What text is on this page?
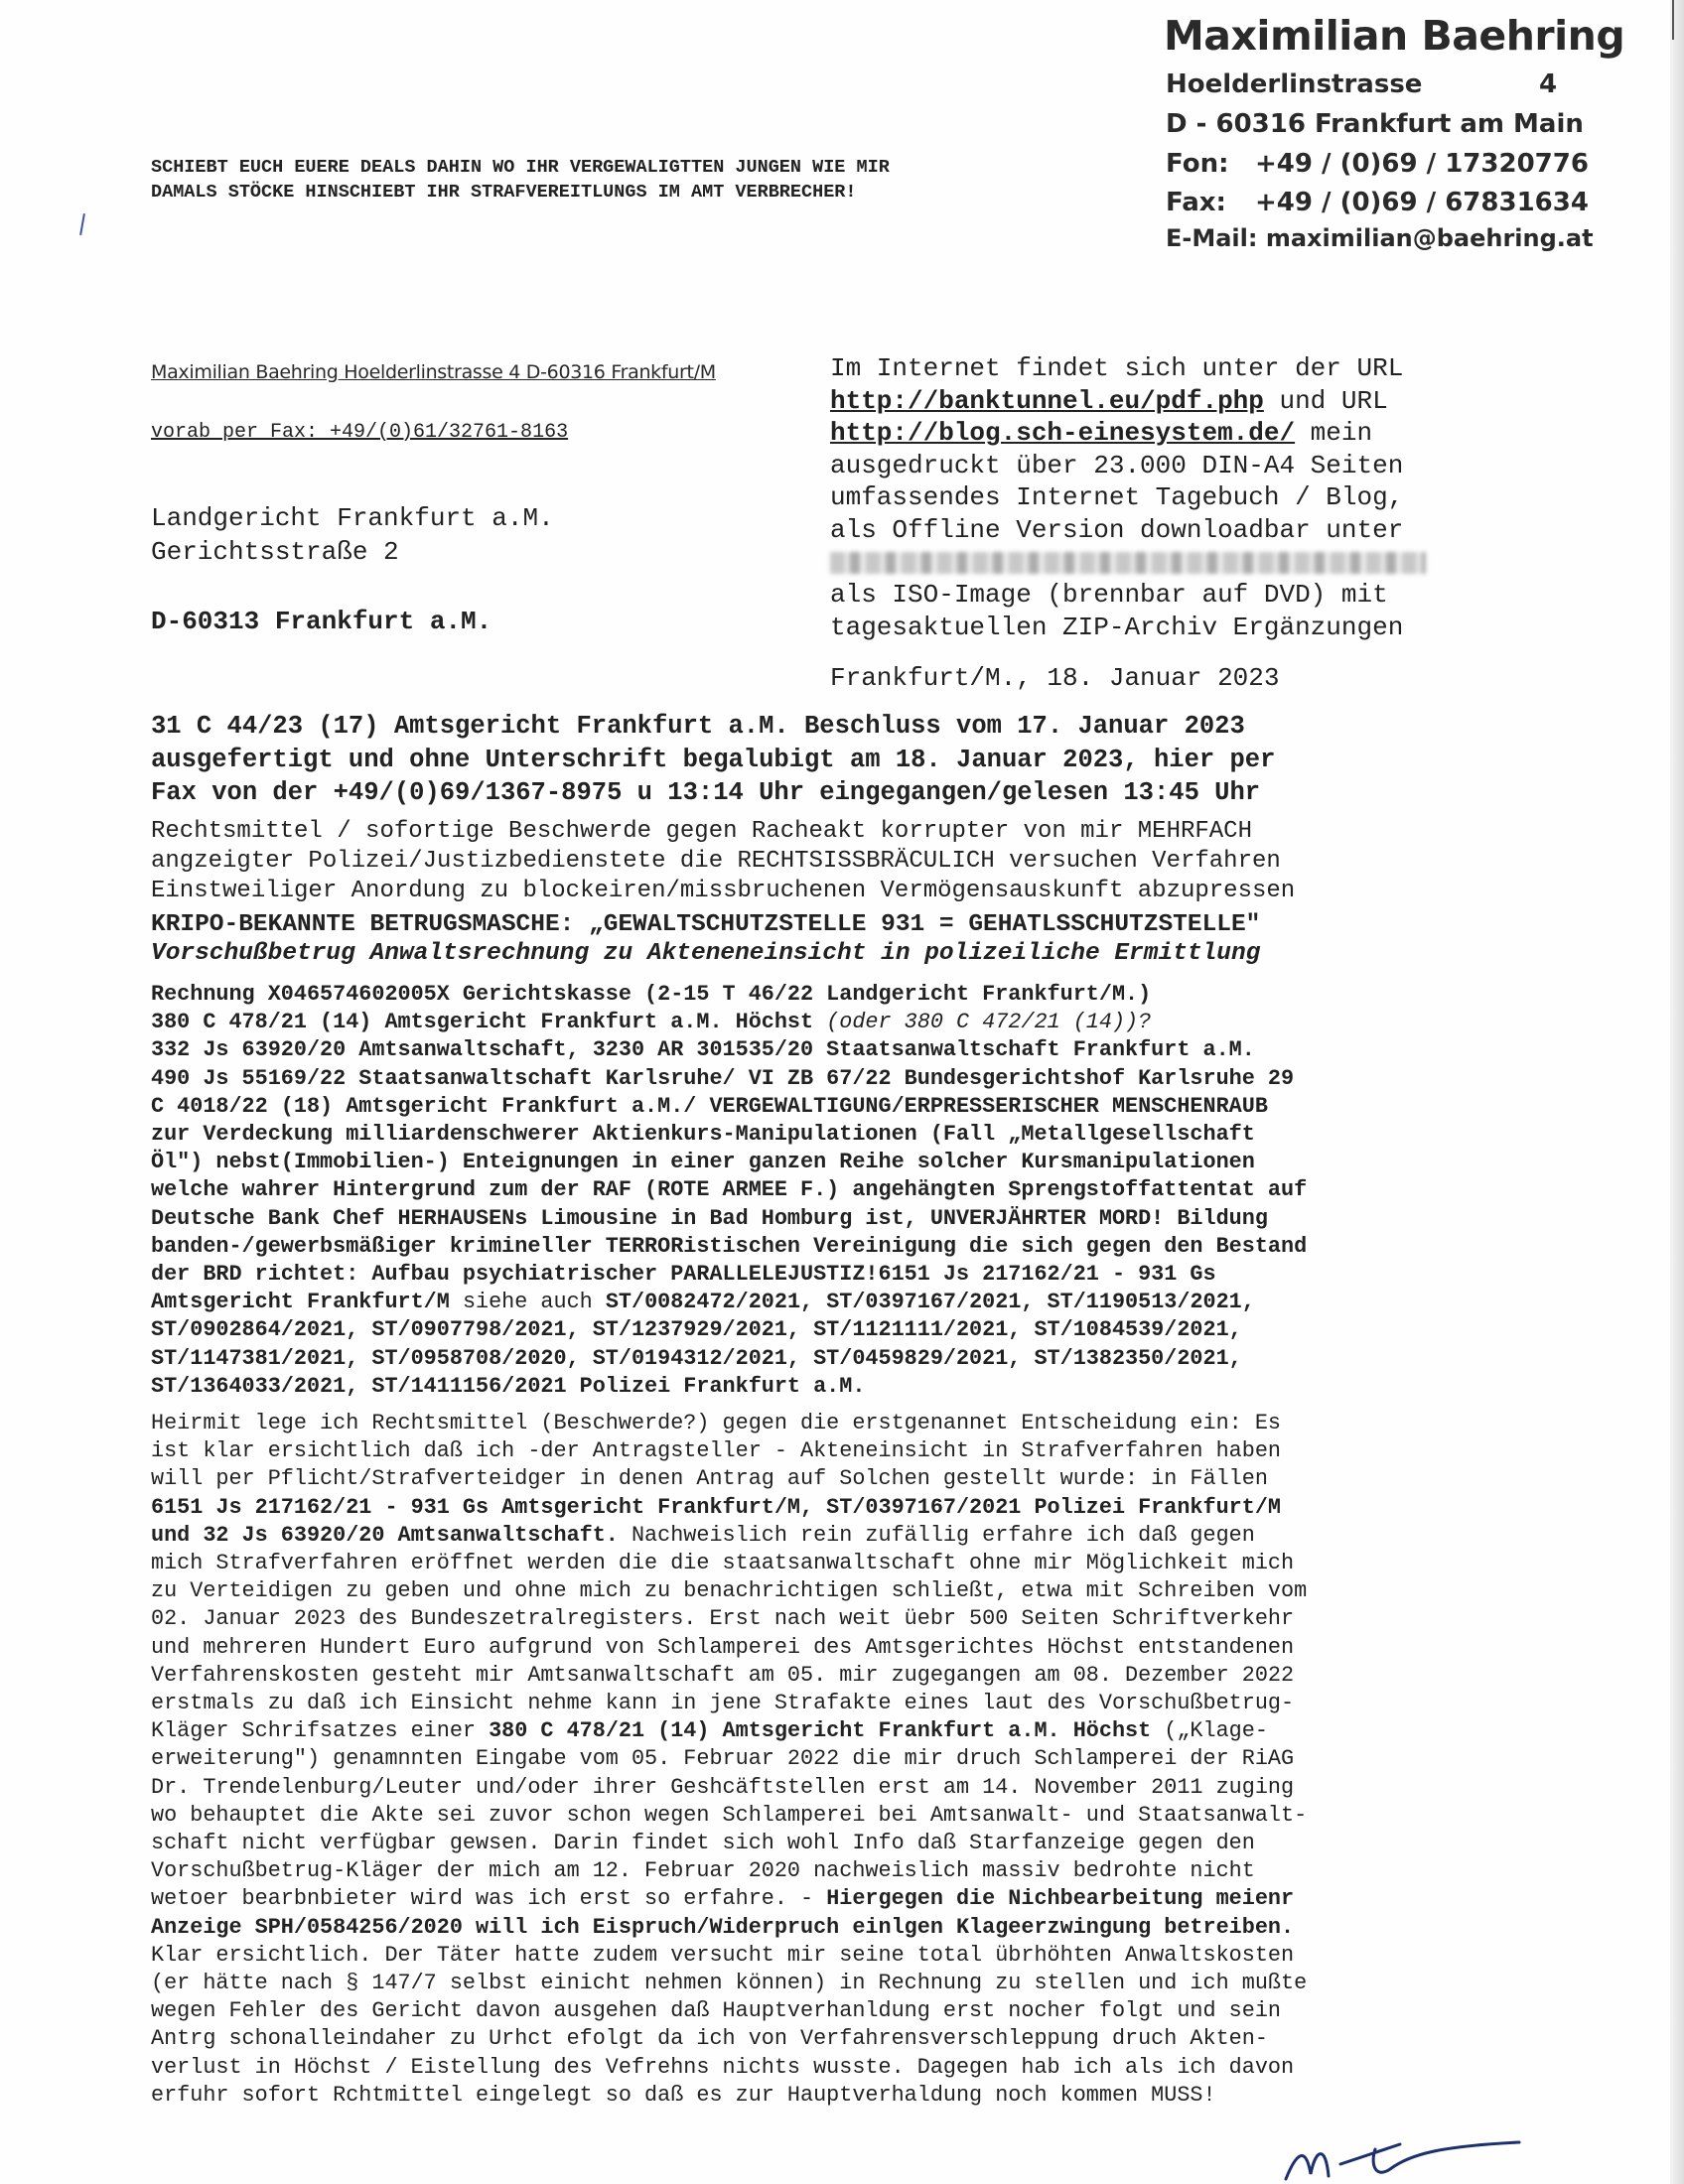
Maximilian Baehring
Hoelderlinstrasse	4
D - 60316 Frankfurt am Main
Fon: +49 / (0)69 / 17320776
Fax: +49 / (0)69 / 67831634
E-Mail: maximilian@baehring.at
SCHIEBT EUCH EUERE DEALS DAHIN WO IHR VERGEWALIGTTEN JUNGEN WIE MIR
DAMALS STÖCKE HINSCHIEBT IHR STRAFVEREITLUNGS IM AMT VERBRECHER!
Maximilian Baehring Hoelderlinstrasse 4 D-60316 Frankfurt/M
vorab per Fax: +49/(0)61/32761-8163
Landgericht Frankfurt a.M.
Gerichtsstraße 2
D-60313 Frankfurt a.M.
Im Internet findet sich unter der URL
http://banktunnel.eu/pdf.php und URL
http://blog.sch-einesystem.de/ mein
ausgedruckt über 23.000 DIN-A4 Seiten
umfassendes Internet Tagebuch / Blog,
als Offline Version downloadbar unter
als ISO-Image (brennbar auf DVD) mit
tagesaktuellen ZIP-Archiv Ergänzungen
Frankfurt/M., 18. Januar 2023
31 C 44/23 (17) Amtsgericht Frankfurt a.M. Beschluss vom 17. Januar 2023
ausgefertigt und ohne Unterschrift begalubigt am 18. Januar 2023, hier per
Fax von der +49/(0)69/1367-8975 u 13:14 Uhr eingegangen/gelesen 13:45 Uhr
Rechtsmittel / sofortige Beschwerde gegen Racheakt korrupter von mir MEHRFACH
angzeigter Polizei/Justizbedienstete die RECHTSISSBRÄCULICH versuchen Verfahren
Einstweiliger Anordung zu blockeiren/missbruchenen Vermögensauskunft abzupressen
KRIPO-BEKANNTE BETRUGSMASCHE: „GEWALTSCHUTZSTELLE 931 = GEHATLSSCHUTZSTELLE"
Vorschußbetrug Anwaltsrechnung zu Akteneneinsicht in polizeiliche Ermittlung
Rechnung X046574602005X Gerichtskasse (2-15 T 46/22 Landgericht Frankfurt/M.)
380 C 478/21 (14) Amtsgericht Frankfurt a.M. Höchst (oder 380 C 472/21 (14))?
332 Js 63920/20 Amtsanwaltschaft, 3230 AR 301535/20 Staatsanwaltschaft Frankfurt a.M.
490 Js 55169/22 Staatsanwaltschaft Karlsruhe/ VI ZB 67/22 Bundesgerichtshof Karlsruhe 29
C 4018/22 (18) Amtsgericht Frankfurt a.M./ VERGEWALTIGUNG/ERPRESSERISCHER MENSCHENRAUB
zur Verdeckung milliardenschwerer Aktienkurs-Manipulationen (Fall „Metallgesellschaft
Öl") nebst(Immobilien-) Enteignungen in einer ganzen Reihe solcher Kursmanipulationen
welche wahrer Hintergrund zum der RAF (ROTE ARMEE F.) angehängten Sprengstoffattentat auf
Deutsche Bank Chef HERHAUSENs Limousine in Bad Homburg ist, UNVERJÄHRTER MORD! Bildung
banden-/gewerbsmäßiger krimineller TERRORistischen Vereinigung die sich gegen den Bestand
der BRD richtet: Aufbau psychiatrischer PARALLELEJUSTIZ!6151 Js 217162/21 - 931 Gs
Amtsgericht Frankfurt/M siehe auch ST/0082472/2021, ST/0397167/2021, ST/1190513/2021,
ST/0902864/2021, ST/0907798/2021, ST/1237929/2021, ST/1121111/2021, ST/1084539/2021,
ST/1147381/2021, ST/0958708/2020, ST/0194312/2021, ST/0459829/2021, ST/1382350/2021,
ST/1364033/2021, ST/1411156/2021 Polizei Frankfurt a.M.
Heirmit lege ich Rechtsmittel (Beschwerde?) gegen die erstgenannet Entscheidung ein: Es
ist klar ersichtlich daß ich -der Antragsteller - Akteneinsicht in Strafverfahren haben
will per Pflicht/Strafverteidger in denen Antrag auf Solchen gestellt wurde: in Fällen
6151 Js 217162/21 - 931 Gs Amtsgericht Frankfurt/M, ST/0397167/2021 Polizei Frankfurt/M
und 32 Js 63920/20 Amtsanwaltschaft. Nachweislich rein zufällig erfahre ich daß gegen
mich Strafverfahren eröffnet werden die die staatsanwaltschaft ohne mir Möglichkeit mich
zu Verteidigen zu geben und ohne mich zu benachrichtigen schließt, etwa mit Schreiben vom
02. Januar 2023 des Bundeszetralregisters. Erst nach weit üebr 500 Seiten Schriftverkehr
und mehreren Hundert Euro aufgrund von Schlamperei des Amtsgerichtes Höchst entstandenen
Verfahrenskosten gesteht mir Amtsanwaltschaft am 05. mir zugegangen am 08. Dezember 2022
erstmals zu daß ich Einsicht nehme kann in jene Strafakte eines laut des Vorschußbetrug-
Kläger Schrifsatzes einer 380 C 478/21 (14) Amtsgericht Frankfurt a.M. Höchst („Klage-
erweiterung") genamnnten Eingabe vom 05. Februar 2022 die mir druch Schlamperei der RiAG
Dr. Trendelenburg/Leuter und/oder ihrer Geshcäftstellen erst am 14. November 2011 zuging
wo behauptet die Akte sei zuvor schon wegen Schlamperei bei Amtsanwalt- und Staatsanwalt-
schaft nicht verfügbar gewsen. Darin findet sich wohl Info daß Starfanzeige gegen den
Vorschußbetrug-Kläger der mich am 12. Februar 2020 nachweislich massiv bedrohte nicht
wetoer bearbnbieter wird was ich erst so erfahre. - Hiergegen die Nichbearbeitung meienr
Anzeige SPH/0584256/2020 will ich Eispruch/Widerpruch einlgen Klageerzwingung betreiben.
Klar ersichtlich. Der Täter hatte zudem versucht mir seine total übrhöhten Anwaltskosten
(er hätte nach § 147/7 selbst einicht nehmen können) in Rechnung zu stellen und ich mußte
wegen Fehler des Gericht davon ausgehen daß Hauptverhanldung erst nocher folgt und sein
Antrg schonalleindaher zu Urhct efolgt da ich von Verfahrensverschleppung druch Akten-
verlust in Höchst / Eistellung des Vefrehns nichts wusste. Dagegen hab ich als ich davon
erfuhr sofort Rchtmittel eingelegt so daß es zur Hauptverhaldung noch kommen MUSS!
